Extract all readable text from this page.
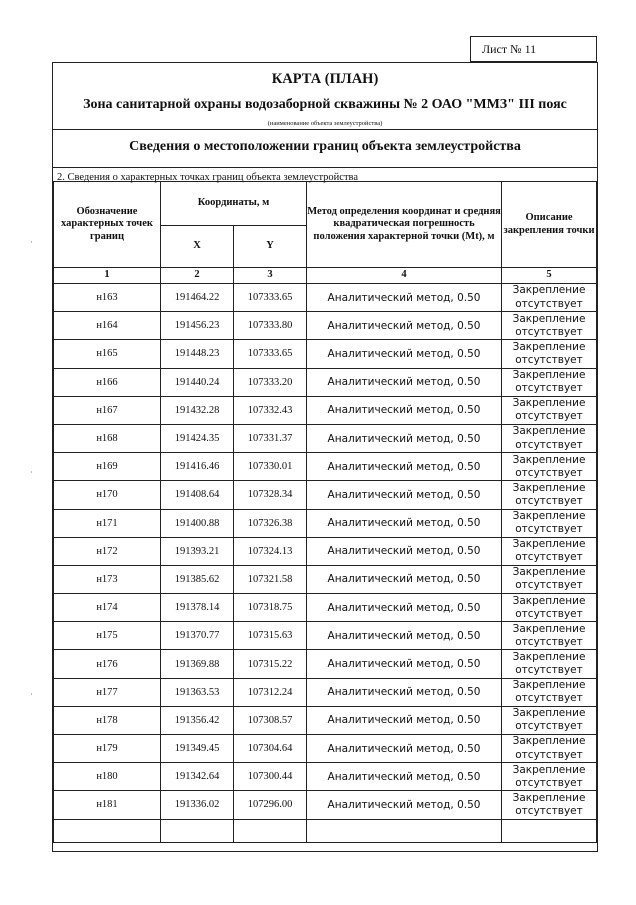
Лист № 11
КАРТА (ПЛАН)
Зона санитарной охраны водозаборной скважины № 2 ОАО "ММЗ" III пояс
(наименование объекта землеустройства)
Сведения о местоположении границ объекта землеустройства
2. Сведения о характерных точках границ объекта землеустройства
Обозначение характерных точек границ	Координаты, м		Метод определения координат и средняя квадратическая погрешность положения характерной точки (Mt), м	Описание закрепления точки
	X	Y		
1	2	3	4	5
н163	191464.22	107333.65	Аналитический метод, 0.50	Закрепление отсутствует
н164	191456.23	107333.80	Аналитический метод, 0.50	Закрепление отсутствует
н165	191448.23	107333.65	Аналитический метод, 0.50	Закрепление отсутствует
н166	191440.24	107333.20	Аналитический метод, 0.50	Закрепление отсутствует
н167	191432.28	107332.43	Аналитический метод, 0.50	Закрепление отсутствует
н168	191424.35	107331.37	Аналитический метод, 0.50	Закрепление отсутствует
н169	191416.46	107330.01	Аналитический метод, 0.50	Закрепление отсутствует
н170	191408.64	107328.34	Аналитический метод, 0.50	Закрепление отсутствует
н171	191400.88	107326.38	Аналитический метод, 0.50	Закрепление отсутствует
н172	191393.21	107324.13	Аналитический метод, 0.50	Закрепление отсутствует
н173	191385.62	107321.58	Аналитический метод, 0.50	Закрепление отсутствует
н174	191378.14	107318.75	Аналитический метод, 0.50	Закрепление отсутствует
н175	191370.77	107315.63	Аналитический метод, 0.50	Закрепление отсутствует
н176	191369.88	107315.22	Аналитический метод, 0.50	Закрепление отсутствует
н177	191363.53	107312.24	Аналитический метод, 0.50	Закрепление отсутствует
н178	191356.42	107308.57	Аналитический метод, 0.50	Закрепление отсутствует
н179	191349.45	107304.64	Аналитический метод, 0.50	Закрепление отсутствует
н180	191342.64	107300.44	Аналитический метод, 0.50	Закрепление отсутствует
н181	191336.02	107296.00	Аналитический метод, 0.50	Закрепление отсутствует

˙
˙
˙
